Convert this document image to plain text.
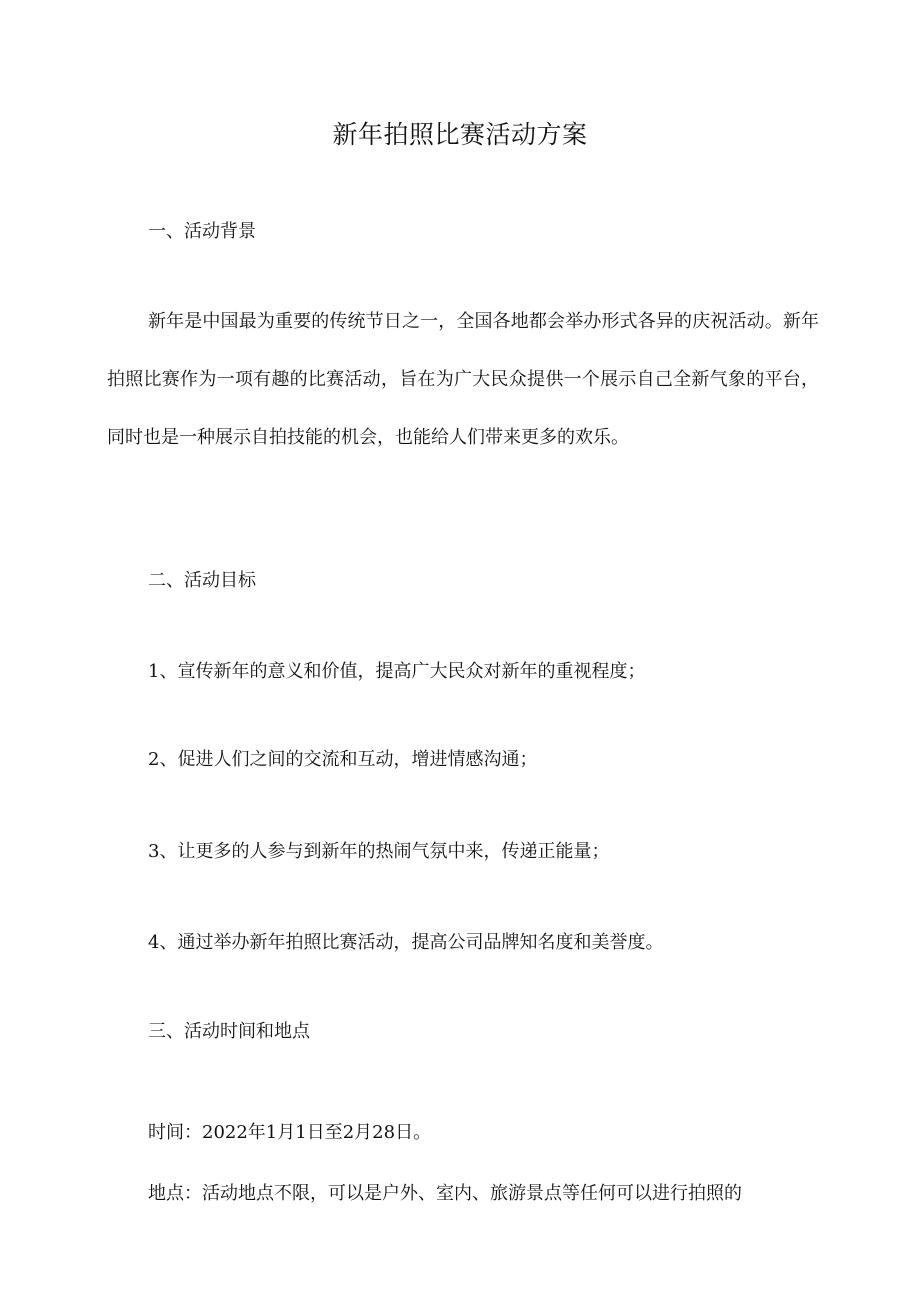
新年拍照比赛活动方案
一、活动背景

新年是中国最为重要的传统节日之一，全国各地都会举办形式各异的庆祝活动。新年拍照比赛作为一项有趣的比赛活动，旨在为广大民众提供一个展示自己全新气象的平台，同时也是一种展示自拍技能的机会，也能给人们带来更多的欢乐。

二、活动目标

1、宣传新年的意义和价值，提高广大民众对新年的重视程度；

2、促进人们之间的交流和互动，增进情感沟通；

3、让更多的人参与到新年的热闹气氛中来，传递正能量；

4、通过举办新年拍照比赛活动，提高公司品牌知名度和美誉度。

三、活动时间和地点

时间：2022年1月1日至2月28日。

地点：活动地点不限，可以是户外、室内、旅游景点等任何可以进行拍照的
